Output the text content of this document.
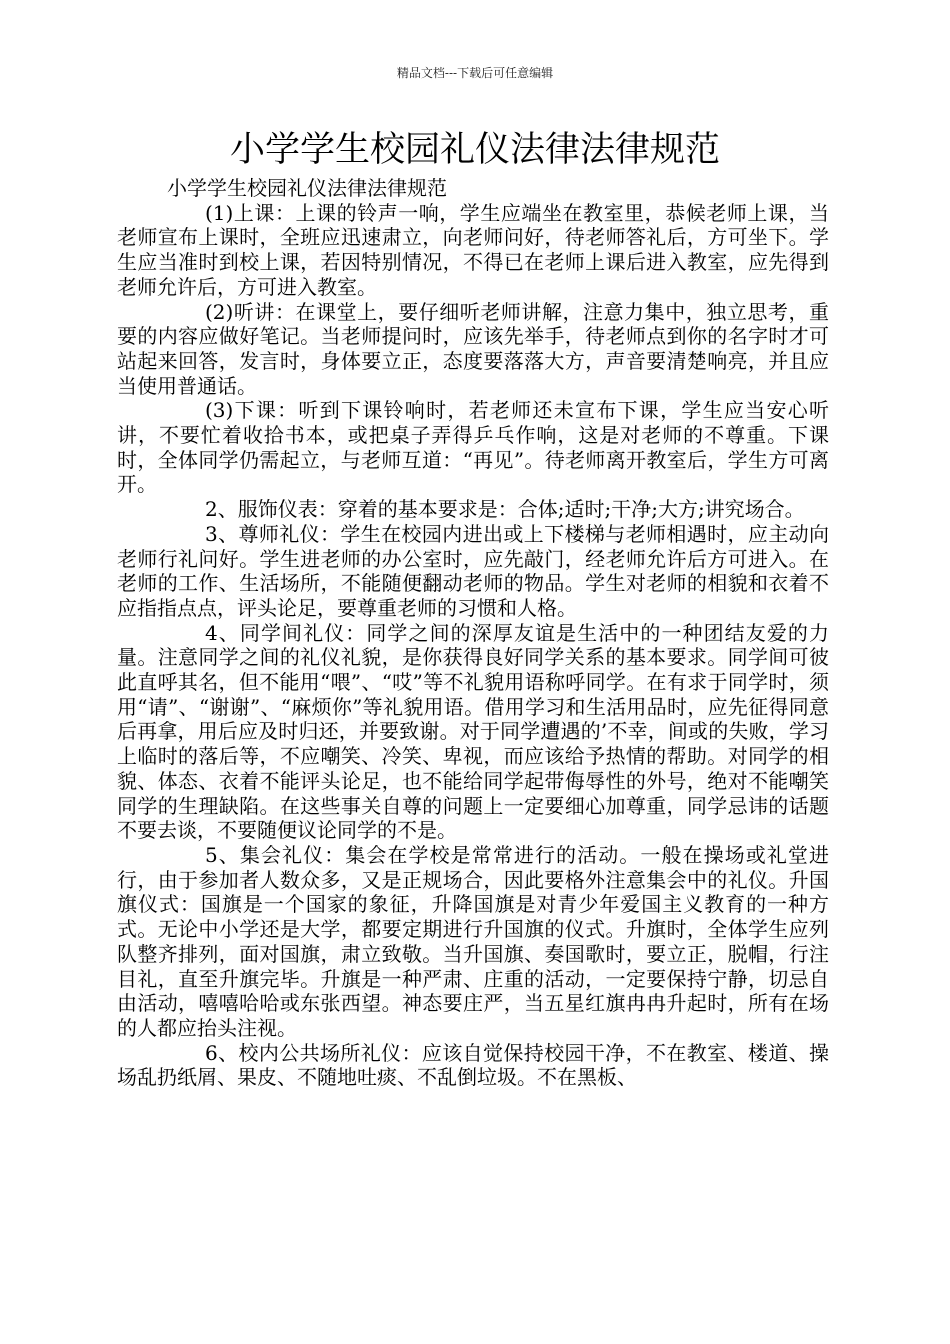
精品文档---下载后可任意编辑
小学学生校园礼仪法律法律规范

小学学生校园礼仪法律法律规范

(1)上课：上课的铃声一响，学生应端坐在教室里，恭候老师上课，当老师宣布上课时，全班应迅速肃立，向老师问好，待老师答礼后，方可坐下。学生应当准时到校上课，若因特别情况，不得已在老师上课后进入教室，应先得到老师允许后，方可进入教室。

(2)听讲：在课堂上，要仔细听老师讲解，注意力集中，独立思考，重要的内容应做好笔记。当老师提问时，应该先举手，待老师点到你的名字时才可站起来回答，发言时，身体要立正，态度要落落大方，声音要清楚响亮，并且应当使用普通话。

(3)下课：听到下课铃响时，若老师还未宣布下课，学生应当安心听讲，不要忙着收拾书本，或把桌子弄得乒乓作响，这是对老师的不尊重。下课时，全体同学仍需起立，与老师互道：“再见”。待老师离开教室后，学生方可离开。

2、服饰仪表：穿着的基本要求是：合体;适时;干净;大方;讲究场合。

3、尊师礼仪：学生在校园内进出或上下楼梯与老师相遇时，应主动向老师行礼问好。学生进老师的办公室时，应先敲门，经老师允许后方可进入。在老师的工作、生活场所，不能随便翻动老师的物品。学生对老师的相貌和衣着不应指指点点，评头论足，要尊重老师的习惯和人格。

4、同学间礼仪：同学之间的深厚友谊是生活中的一种团结友爱的力量。注意同学之间的礼仪礼貌，是你获得良好同学关系的基本要求。同学间可彼此直呼其名，但不能用“喂”、“哎”等不礼貌用语称呼同学。在有求于同学时，须用“请”、“谢谢”、“麻烦你”等礼貌用语。借用学习和生活用品时，应先征得同意后再拿，用后应及时归还，并要致谢。对于同学遭遇的’不幸，间或的失败，学习上临时的落后等，不应嘲笑、冷笑、卑视，而应该给予热情的帮助。对同学的相貌、体态、衣着不能评头论足，也不能给同学起带侮辱性的外号，绝对不能嘲笑同学的生理缺陷。在这些事关自尊的问题上一定要细心加尊重，同学忌讳的话题不要去谈，不要随便议论同学的不是。

5、集会礼仪：集会在学校是常常进行的活动。一般在操场或礼堂进行，由于参加者人数众多，又是正规场合，因此要格外注意集会中的礼仪。升国旗仪式：国旗是一个国家的象征，升降国旗是对青少年爱国主义教育的一种方式。无论中小学还是大学，都要定期进行升国旗的仪式。升旗时，全体学生应列队整齐排列，面对国旗，肃立致敬。当升国旗、奏国歌时，要立正，脱帽，行注目礼，直至升旗完毕。升旗是一种严肃、庄重的活动，一定要保持宁静，切忌自由活动，嘻嘻哈哈或东张西望。神态要庄严，当五星红旗冉冉升起时，所有在场的人都应抬头注视。

6、校内公共场所礼仪：应该自觉保持校园干净，不在教室、楼道、操场乱扔纸屑、果皮、不随地吐痰、不乱倒垃圾。不在黑板、
